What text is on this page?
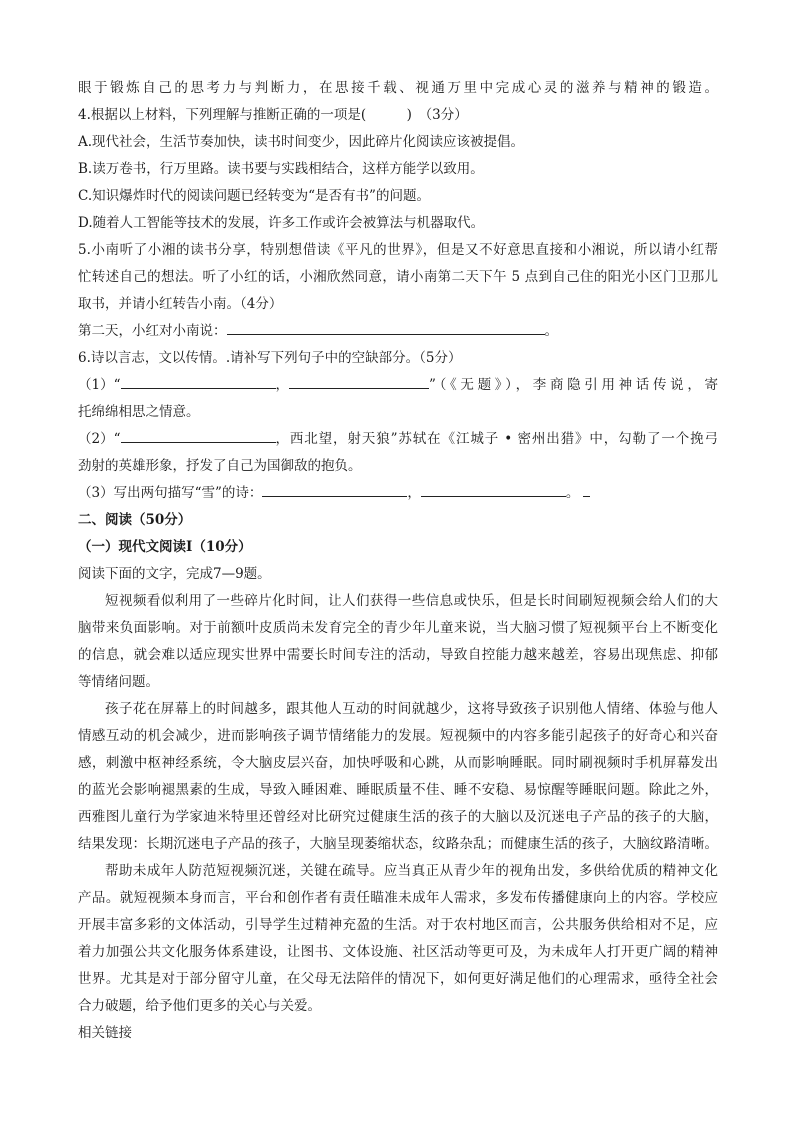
眼于锻炼自己的思考力与判断力，在思接千载、视通万里中完成心灵的滋养与精神的锻造。
4.根据以上材料，下列理解与推断正确的一项是(　　　)　（3分）
A.现代社会，生活节奏加快，读书时间变少，因此碎片化阅读应该被提倡。
B.读万卷书，行万里路。读书要与实践相结合，这样方能学以致用。
C.知识爆炸时代的阅读问题已经转变为“是否有书”的问题。
D.随着人工智能等技术的发展，许多工作或许会被算法与机器取代。
5.小南听了小湘的读书分享，特别想借读《平凡的世界》，但是又不好意思直接和小湘说，所以请小红帮
忙转述自己的想法。听了小红的话，小湘欣然同意，请小南第二天下午 5 点到自己住的阳光小区门卫那儿
取书，并请小红转告小南。（4分）
第二天，小红对小南说：	。
6.诗以言志，文以传情。.请补写下列句子中的空缺部分。（5分）
（1）“	，	”（《无题》），李商隐引用神话传说，寄
托绵绵相思之情意。
（2）“	，西北望，射天狼”苏轼在《江城子 • 密州出猎》中，勾勒了一个挽弓
劲射的英雄形象，抒发了自己为国御敌的抱负。
（3）写出两句描写“雪”的诗：	，	。
二、阅读（50分）
（一）现代文阅读Ⅰ（10分）
阅读下面的文字，完成7—9题。
短视频看似利用了一些碎片化时间，让人们获得一些信息或快乐，但是长时间刷短视频会给人们的大
脑带来负面影响。对于前额叶皮质尚未发育完全的青少年儿童来说，当大脑习惯了短视频平台上不断变化
的信息，就会难以适应现实世界中需要长时间专注的活动，导致自控能力越来越差，容易出现焦虑、抑郁
等情绪问题。
孩子花在屏幕上的时间越多，跟其他人互动的时间就越少，这将导致孩子识别他人情绪、体验与他人
情感互动的机会减少，进而影响孩子调节情绪能力的发展。短视频中的内容多能引起孩子的好奇心和兴奋
感，刺激中枢神经系统，令大脑皮层兴奋，加快呼吸和心跳，从而影响睡眠。同时刷视频时手机屏幕发出
的蓝光会影响褪黑素的生成，导致入睡困难、睡眠质量不佳、睡不安稳、易惊醒等睡眠问题。除此之外，
西雅图儿童行为学家迪米特里还曾经对比研究过健康生活的孩子的大脑以及沉迷电子产品的孩子的大脑，
结果发现：长期沉迷电子产品的孩子，大脑呈现萎缩状态，纹路杂乱；而健康生活的孩子，大脑纹路清晰。
帮助未成年人防范短视频沉迷，关键在疏导。应当真正从青少年的视角出发，多供给优质的精神文化
产品。就短视频本身而言，平台和创作者有责任瞄准未成年人需求，多发布传播健康向上的内容。学校应
开展丰富多彩的文体活动，引导学生过精神充盈的生活。对于农村地区而言，公共服务供给相对不足，应
着力加强公共文化服务体系建设，让图书、文体设施、社区活动等更可及，为未成年人打开更广阔的精神
世界。尤其是对于部分留守儿童，在父母无法陪伴的情况下，如何更好满足他们的心理需求，亟待全社会
合力破题，给予他们更多的关心与关爱。
相关链接
